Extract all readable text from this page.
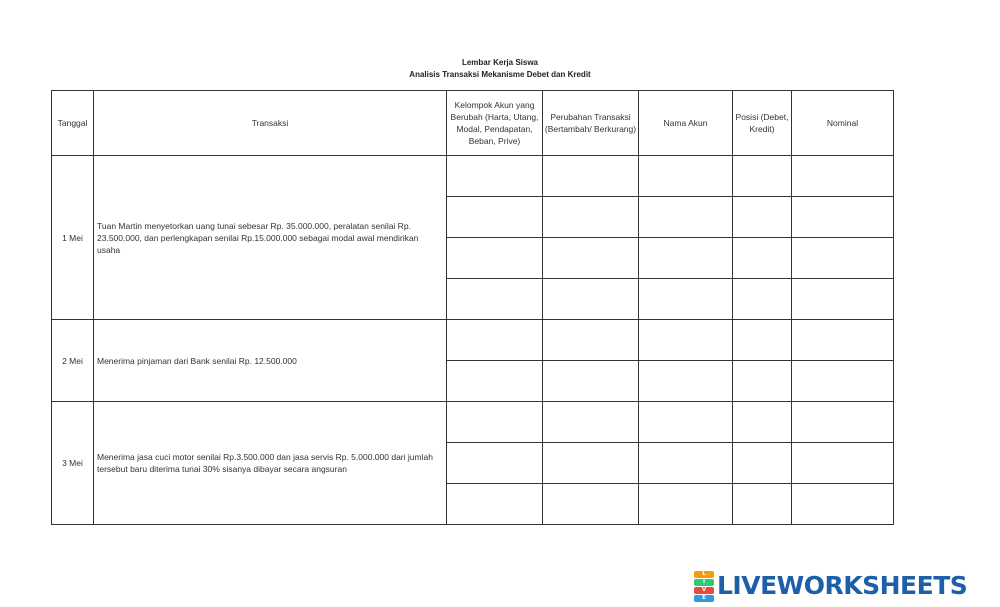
Lembar Kerja Siswa
Analisis Transaksi Mekanisme Debet dan Kredit
Tanggal	Transaksi	Kelompok Akun yang Berubah (Harta, Utang, Modal, Pendapatan, Beban, Prive)	Perubahan Transaksi (Bertambah/ Berkurang)	Nama Akun	Posisi (Debet, Kredit)	Nominal
1 Mei	Tuan Martin menyetorkan uang tunai sebesar Rp. 35.000.000, peralatan senilai Rp. 23.500.000, dan perlengkapan senilai Rp.15.000.000 sebagai modal awal mendirikan usaha					

2 Mei	Menerima pinjaman dari Bank senilai Rp. 12.500.000					

3 Mei	Menerima jasa cuci motor senilai Rp.3.500.000 dan jasa servis Rp. 5.000.000 dari jumlah tersebut baru diterima tunai 30% sisanya dibayar secara angsuran					

L
I
V
E LIVEWORKSHEETS
